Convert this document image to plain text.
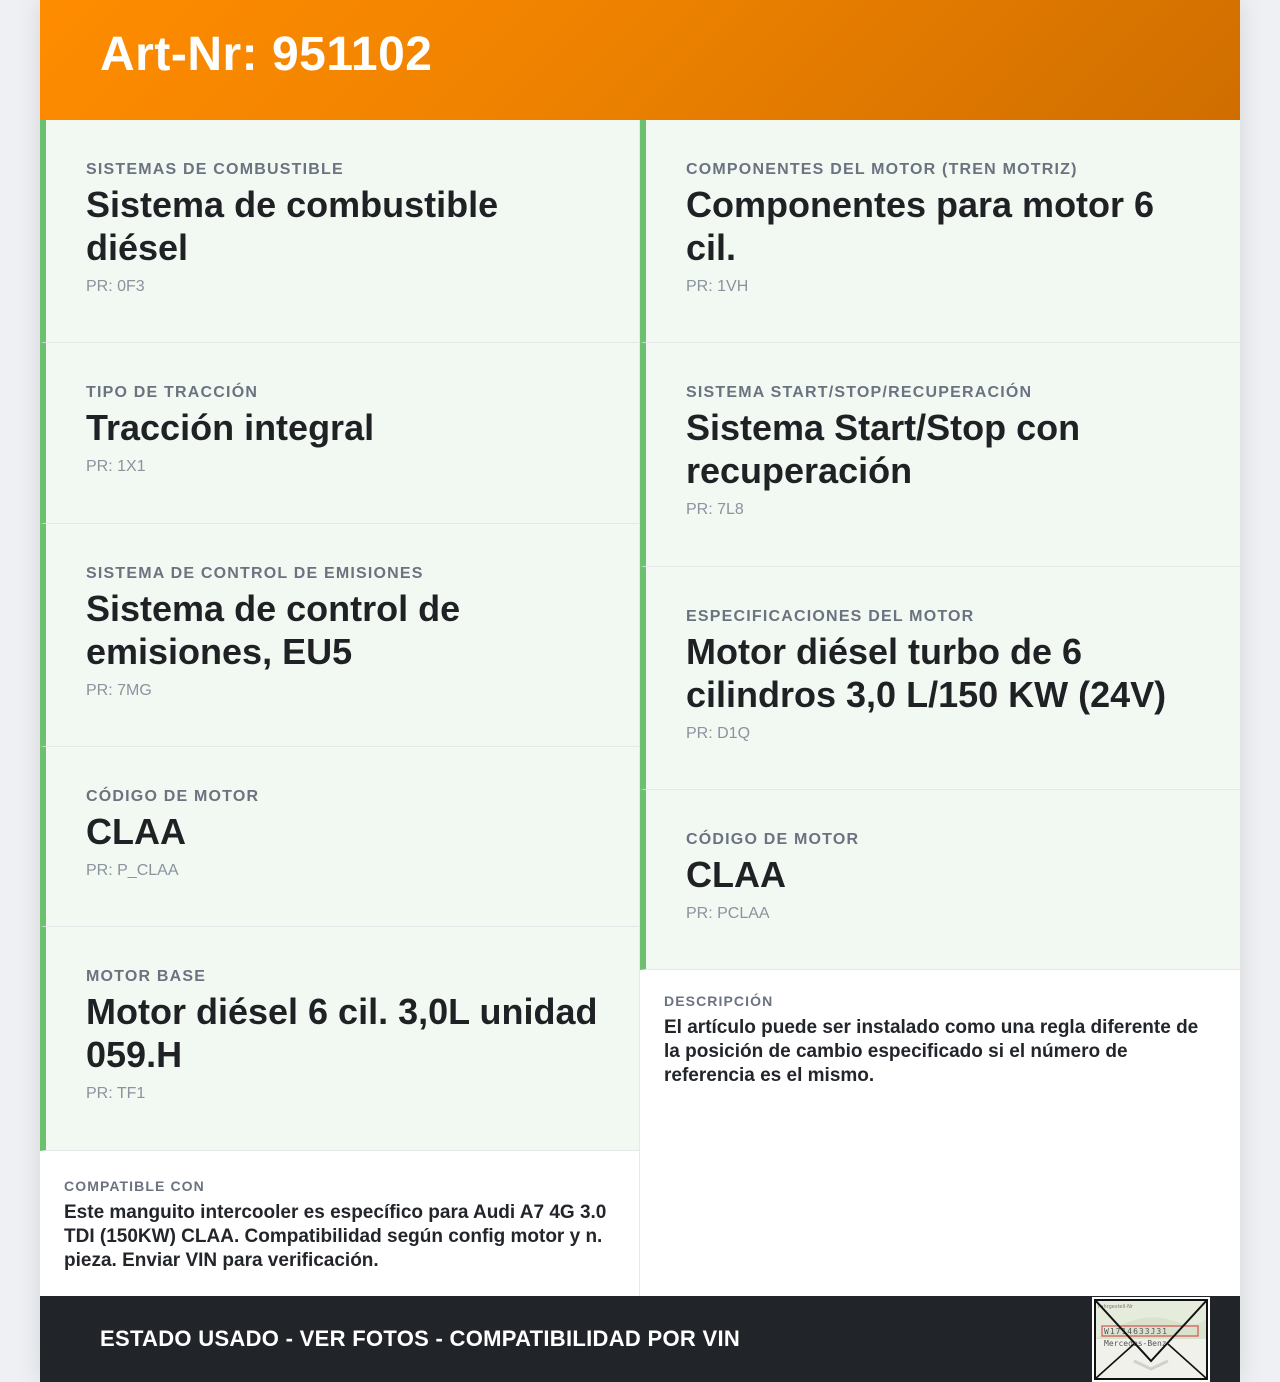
Art-Nr: 951102
SISTEMAS DE COMBUSTIBLE
Sistema de combustible diésel
PR: 0F3
TIPO DE TRACCIÓN
Tracción integral
PR: 1X1
SISTEMA DE CONTROL DE EMISIONES
Sistema de control de emisiones, EU5
PR: 7MG
CÓDIGO DE MOTOR
CLAA
PR: P_CLAA
MOTOR BASE
Motor diésel 6 cil. 3,0L unidad 059.H
PR: TF1
COMPATIBLE CON
Este manguito intercooler es específico para Audi A7 4G 3.0 TDI (150KW) CLAA. Compatibilidad según config motor y n. pieza. Enviar VIN para verificación.
COMPONENTES DEL MOTOR (TREN MOTRIZ)
Componentes para motor 6 cil.
PR: 1VH
SISTEMA START/STOP/RECUPERACIÓN
Sistema Start/Stop con recuperación
PR: 7L8
ESPECIFICACIONES DEL MOTOR
Motor diésel turbo de 6 cilindros 3,0 L/150 KW (24V)
PR: D1Q
CÓDIGO DE MOTOR
CLAA
PR: PCLAA
DESCRIPCIÓN
El artículo puede ser instalado como una regla diferente de la posición de cambio especificado si el número de referencia es el mismo.
ESTADO USADO - VER FOTOS - COMPATIBILIDAD POR VIN
Fahrgestell-Nr
W1714633J31
Mercedes-Benz
